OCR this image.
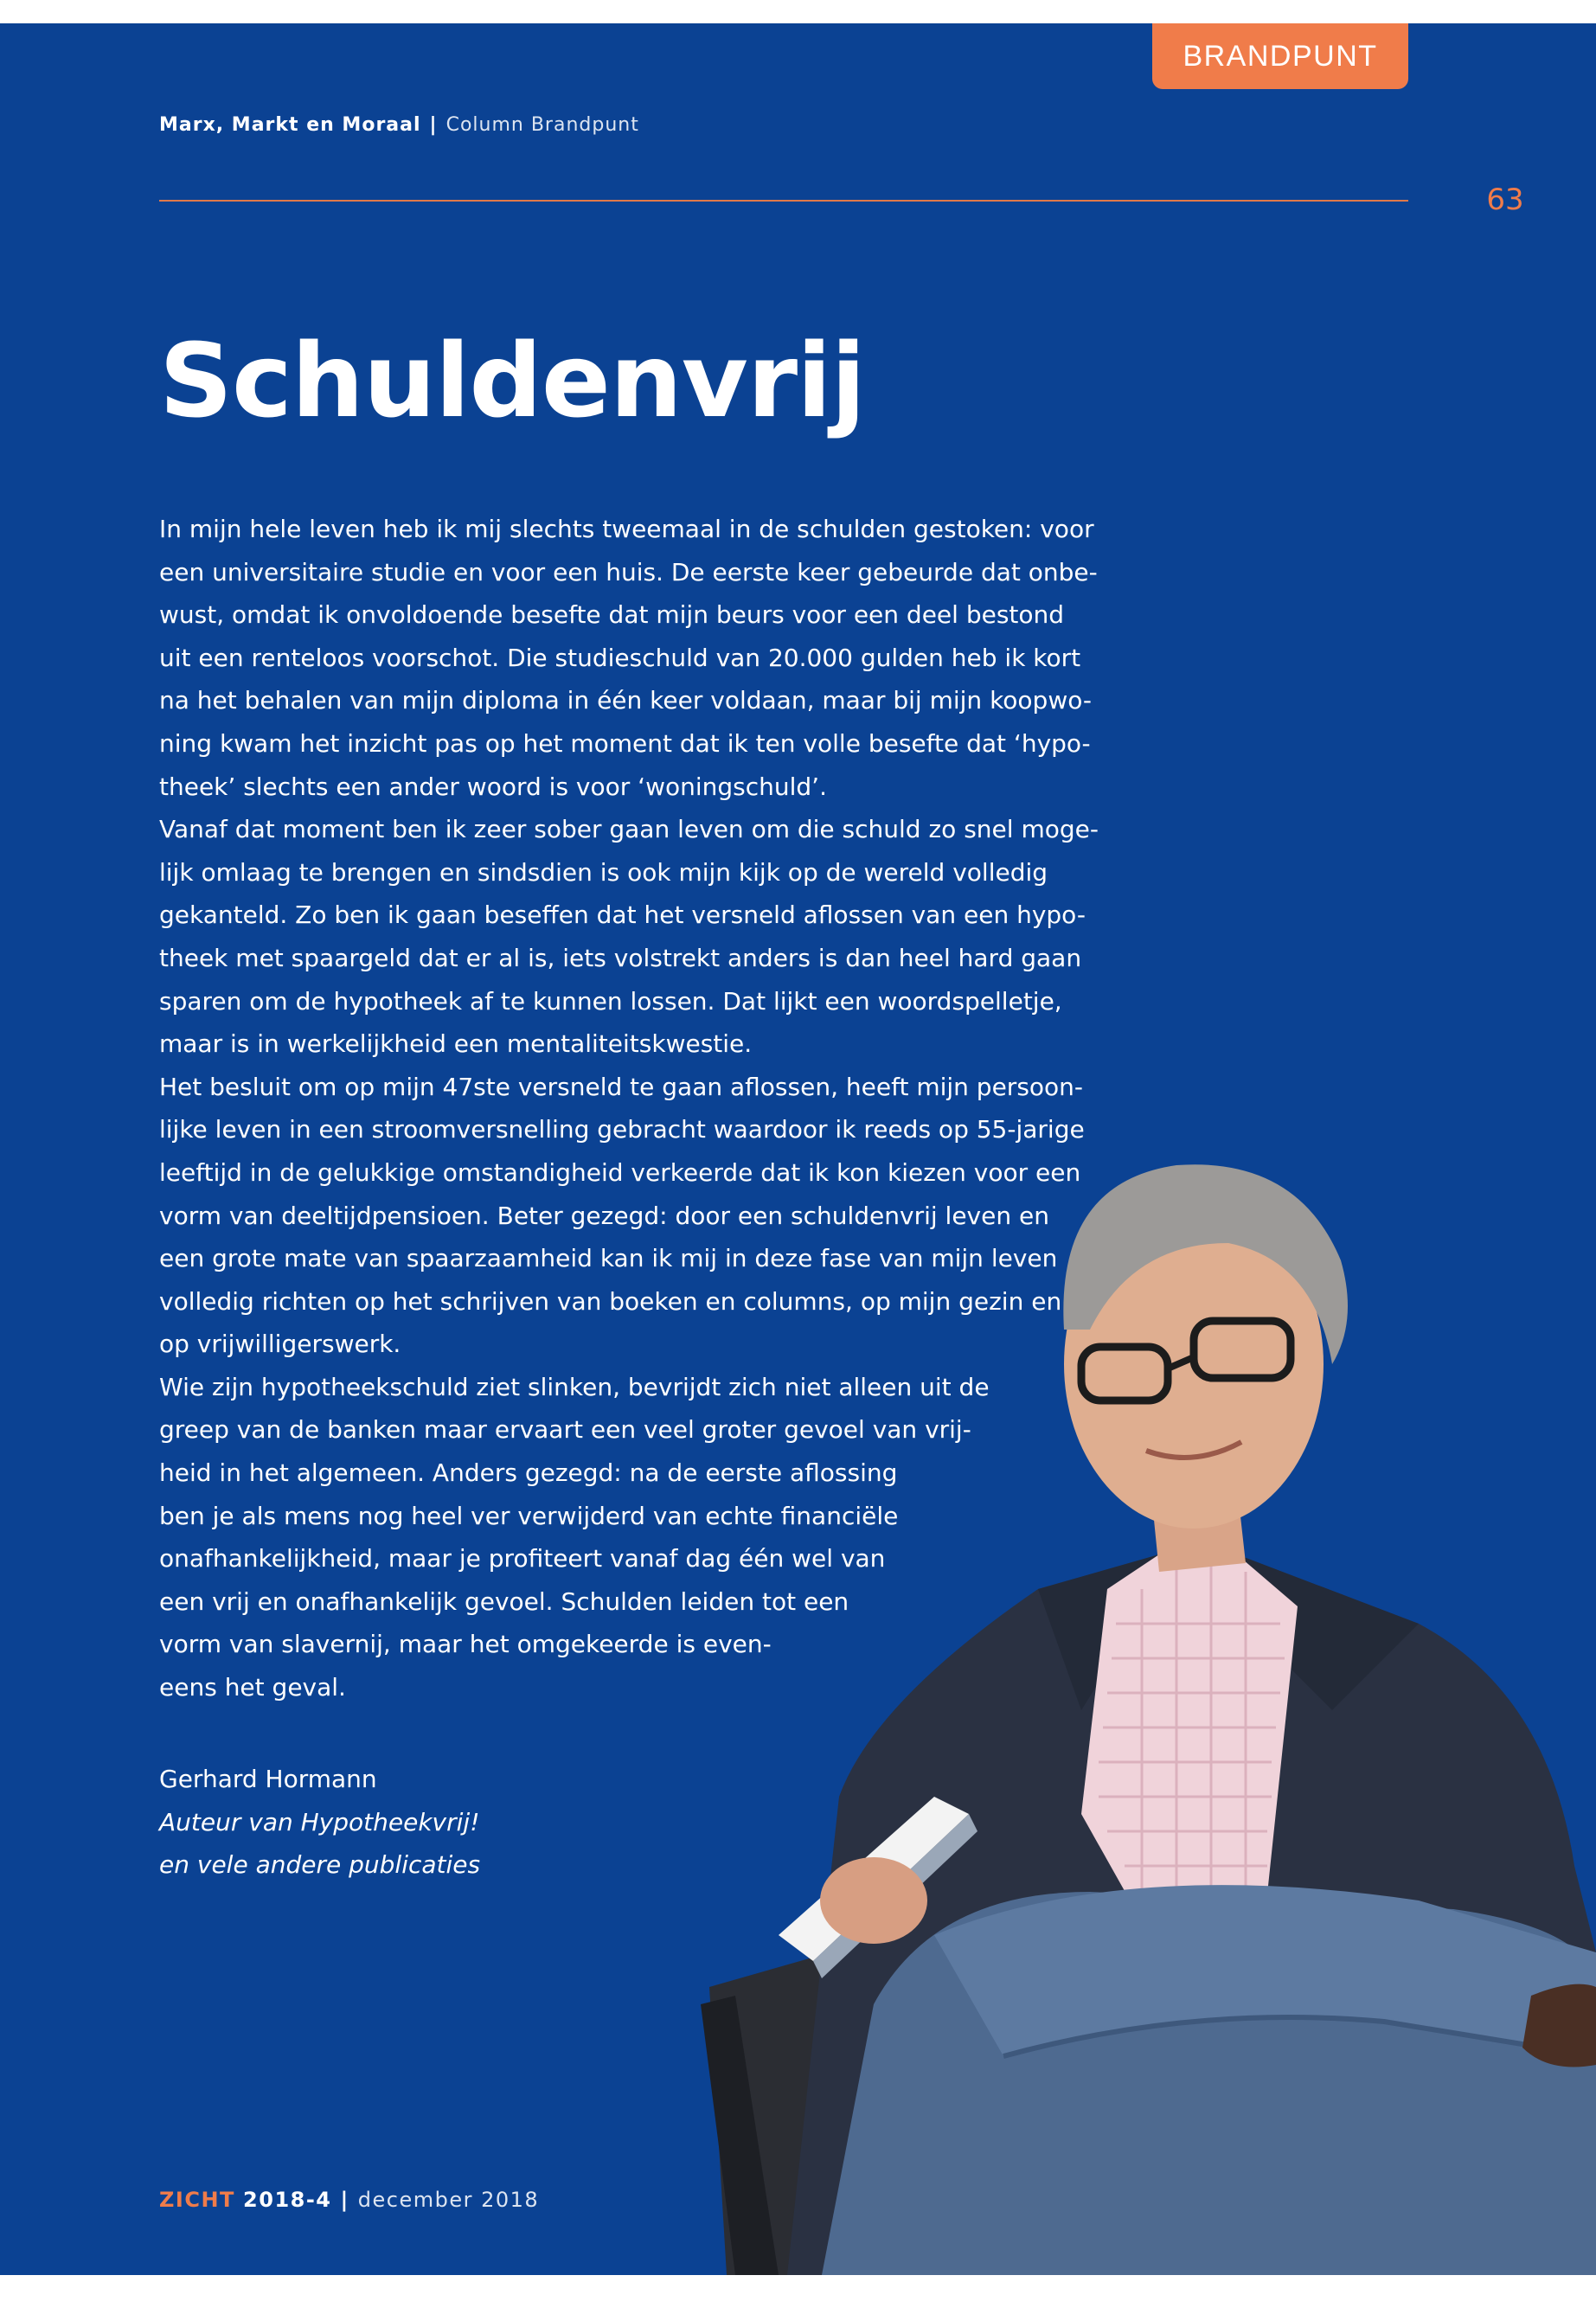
BRANDPUNT
Marx, Markt en Moraal | Column Brandpunt
63
Schuldenvrij

In mijn hele leven heb ik mij slechts tweemaal in de schulden gestoken: voor
een universitaire studie en voor een huis. De eerste keer gebeurde dat onbe-
wust, omdat ik onvoldoende besefte dat mijn beurs voor een deel bestond
uit een renteloos voorschot. Die studieschuld van 20.000 gulden heb ik kort
na het behalen van mijn diploma in één keer voldaan, maar bij mijn koopwo-
ning kwam het inzicht pas op het moment dat ik ten volle besefte dat ‘hypo-
theek’ slechts een ander woord is voor ‘woningschuld’.

Vanaf dat moment ben ik zeer sober gaan leven om die schuld zo snel moge-
lijk omlaag te brengen en sindsdien is ook mijn kijk op de wereld volledig
gekanteld. Zo ben ik gaan beseffen dat het versneld aflossen van een hypo-
theek met spaargeld dat er al is, iets volstrekt anders is dan heel hard gaan
sparen om de hypotheek af te kunnen lossen. Dat lijkt een woordspelletje,
maar is in werkelijkheid een mentaliteitskwestie.

Het besluit om op mijn 47ste versneld te gaan aflossen, heeft mijn persoon-
lijke leven in een stroomversnelling gebracht waardoor ik reeds op 55-jarige
leeftijd in de gelukkige omstandigheid verkeerde dat ik kon kiezen voor een
vorm van deeltijdpensioen. Beter gezegd: door een schuldenvrij leven en
een grote mate van spaarzaamheid kan ik mij in deze fase van mijn leven
volledig richten op het schrijven van boeken en columns, op mijn gezin en
op vrijwilligerswerk.

Wie zijn hypotheekschuld ziet slinken, bevrijdt zich niet alleen uit de
greep van de banken maar ervaart een veel groter gevoel van vrij-
heid in het algemeen. Anders gezegd: na de eerste aflossing
ben je als mens nog heel ver verwijderd van echte financiële
onafhankelijkheid, maar je profiteert vanaf dag één wel van
een vrij en onafhankelijk gevoel. Schulden leiden tot een
vorm van slavernij, maar het omgekeerde is even-
eens het geval.

Gerhard Hormann
Auteur van Hypotheekvrij!
en vele andere publicaties
ZICHT 2018-4 | december 2018
